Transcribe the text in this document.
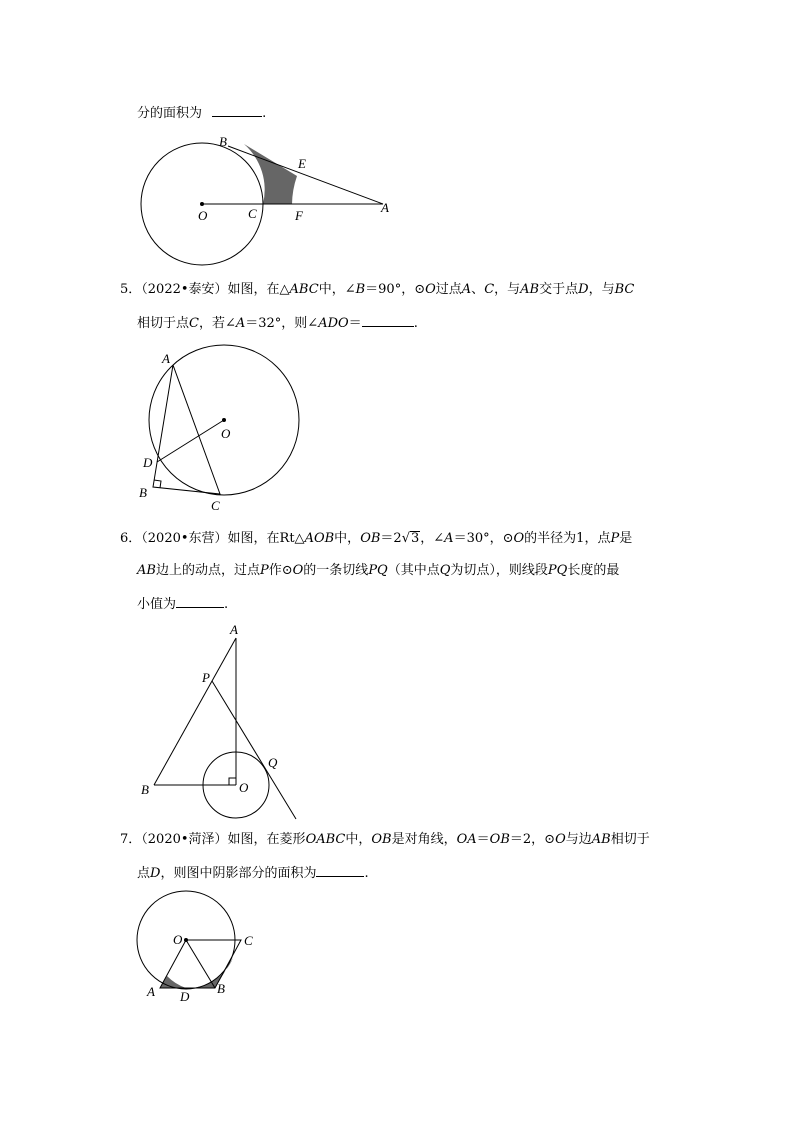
分的面积为	.
B
E
O	C	F
A
5．（2022•泰安）如图，在△ABC中，∠B＝90°，⊙O过点A、C，与AB交于点D，与BC
相切于点C，若∠A＝32°，则∠ADO＝	.
A
O
D
B
C
6．（2020•东营）如图，在Rt△AOB中，OB＝2√3，∠A＝30°，⊙O的半径为1，点P是
AB边上的动点，过点P作⊙O的一条切线PQ（其中点Q为切点），则线段PQ长度的最
小值为	.
A
P
Q
B	O
7．（2020•菏泽）如图，在菱形OABC中，OB是对角线，OA＝OB＝2，⊙O与边AB相切于
点D，则图中阴影部分的面积为	.
O	C
A D
B
